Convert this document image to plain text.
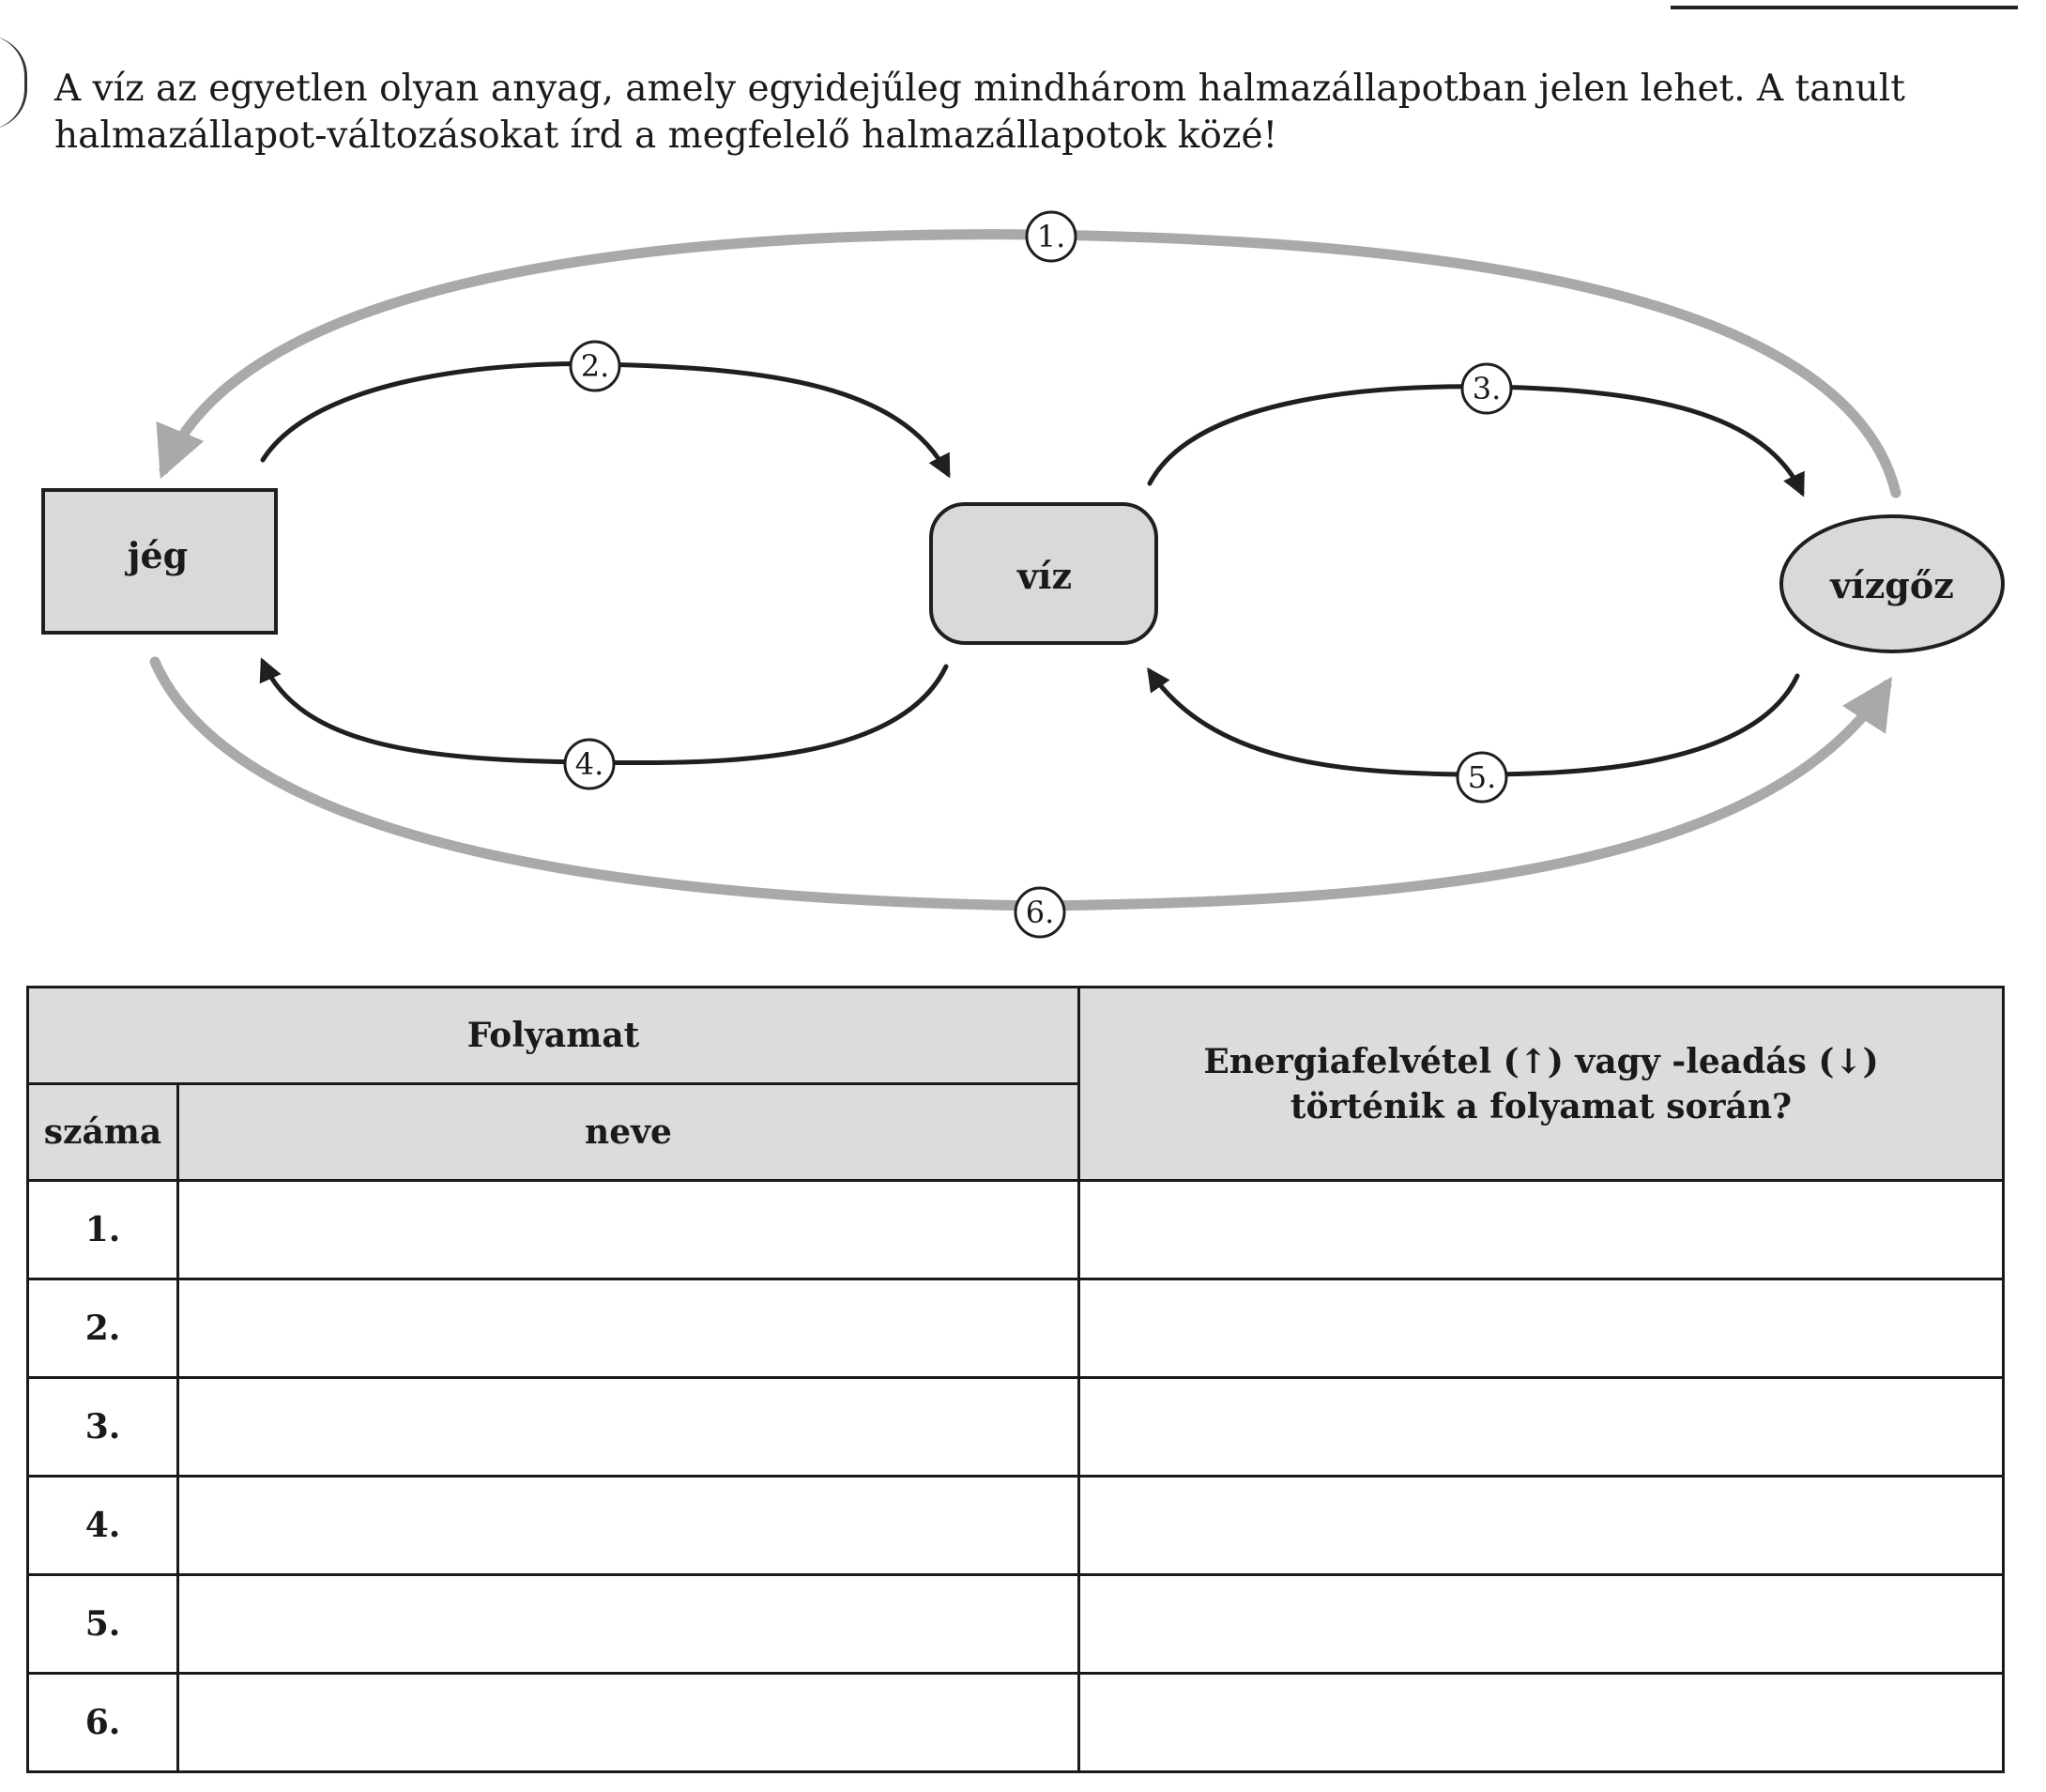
A víz az egyetlen olyan anyag, amely egyidejűleg mindhárom halmazállapotban jelen lehet. A tanult halmazállapot-változásokat írd a megfelelő halmazállapotok közé!

jég	víz	vízgőz
1.
2.
3.
4.	5.
6.
Folyamat		Energiafelvétel (↑) vagy -leadás (↓) történik a folyamat során?
száma	neve	
1.		
2.		
3.		
4.		
5.		
6.		
